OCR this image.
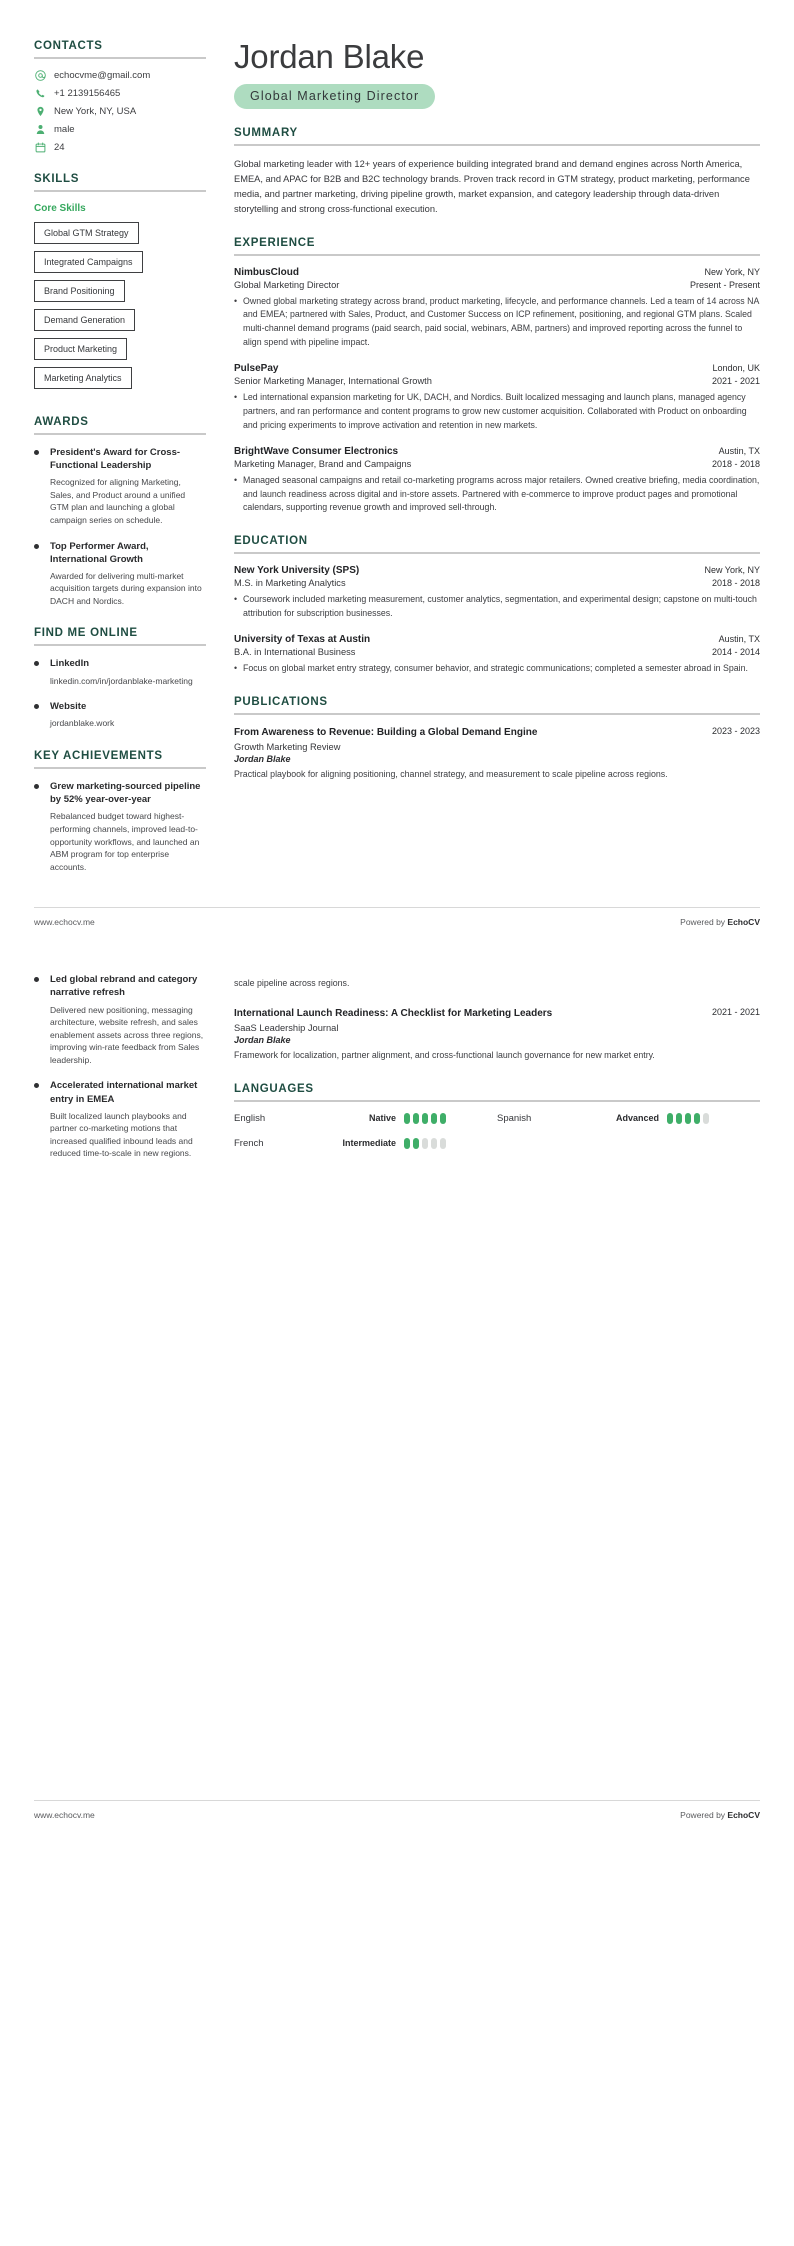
CONTACTS
echocvme@gmail.com
+1 2139156465
New York, NY, USA
male
24
SKILLS
Core Skills
Global GTM Strategy Integrated Campaigns Brand Positioning Demand Generation Product Marketing Marketing Analytics
AWARDS
President's Award for Cross-Functional Leadership
Recognized for aligning Marketing, Sales, and Product around a unified GTM plan and launching a global campaign series on schedule.
Top Performer Award, International Growth
Awarded for delivering multi-market acquisition targets during expansion into DACH and Nordics.
FIND ME ONLINE
LinkedIn
linkedin.com/in/jordanblake-marketing
Website
jordanblake.work
KEY ACHIEVEMENTS
Grew marketing-sourced pipeline by 52% year-over-year
Rebalanced budget toward highest-performing channels, improved lead-to-opportunity workflows, and launched an ABM program for top enterprise accounts.
Jordan Blake
Global Marketing Director
SUMMARY
Global marketing leader with 12+ years of experience building integrated brand and demand engines across North America, EMEA, and APAC for B2B and B2C technology brands. Proven track record in GTM strategy, product marketing, performance media, and partner marketing, driving pipeline growth, market expansion, and category leadership through data-driven storytelling and strong cross-functional execution.
EXPERIENCE
NimbusCloud	New York, NY
Global Marketing Director	Present - Present
• Owned global marketing strategy across brand, product marketing, lifecycle, and performance channels. Led a team of 14 across NA and EMEA; partnered with Sales, Product, and Customer Success on ICP refinement, positioning, and regional GTM plans. Scaled multi-channel demand programs (paid search, paid social, webinars, ABM, partners) and improved reporting across the funnel to align spend with pipeline impact.
PulsePay	London, UK
Senior Marketing Manager, International Growth	2021 - 2021
• Led international expansion marketing for UK, DACH, and Nordics. Built localized messaging and launch plans, managed agency partners, and ran performance and content programs to grow new customer acquisition. Collaborated with Product on onboarding and pricing experiments to improve activation and retention in new markets.
BrightWave Consumer Electronics	Austin, TX
Marketing Manager, Brand and Campaigns	2018 - 2018
• Managed seasonal campaigns and retail co-marketing programs across major retailers. Owned creative briefing, media coordination, and launch readiness across digital and in-store assets. Partnered with e-commerce to improve product pages and promotional calendars, supporting revenue growth and improved sell-through.
EDUCATION
New York University (SPS)	New York, NY
M.S. in Marketing Analytics	2018 - 2018
• Coursework included marketing measurement, customer analytics, segmentation, and experimental design; capstone on multi-touch attribution for subscription businesses.
University of Texas at Austin	Austin, TX
B.A. in International Business	2014 - 2014
• Focus on global market entry strategy, consumer behavior, and strategic communications; completed a semester abroad in Spain.
PUBLICATIONS
From Awareness to Revenue: Building a Global Demand Engine	2023 - 2023
Growth Marketing Review
Jordan Blake
Practical playbook for aligning positioning, channel strategy, and measurement to scale pipeline across regions.
www.echocv.me	Powered by EchoCV
Led global rebrand and category narrative refresh
Delivered new positioning, messaging architecture, website refresh, and sales enablement assets across three regions, improving win-rate feedback from Sales leadership.
Accelerated international market entry in EMEA
Built localized launch playbooks and partner co-marketing motions that increased qualified inbound leads and reduced time-to-scale in new regions.
scale pipeline across regions.
International Launch Readiness: A Checklist for Marketing Leaders	2021 - 2021
SaaS Leadership Journal
Jordan Blake
Framework for localization, partner alignment, and cross-functional launch governance for new market entry.
LANGUAGES
English	Native	Spanish	Advanced
French	Intermediate
www.echocv.me	Powered by EchoCV
